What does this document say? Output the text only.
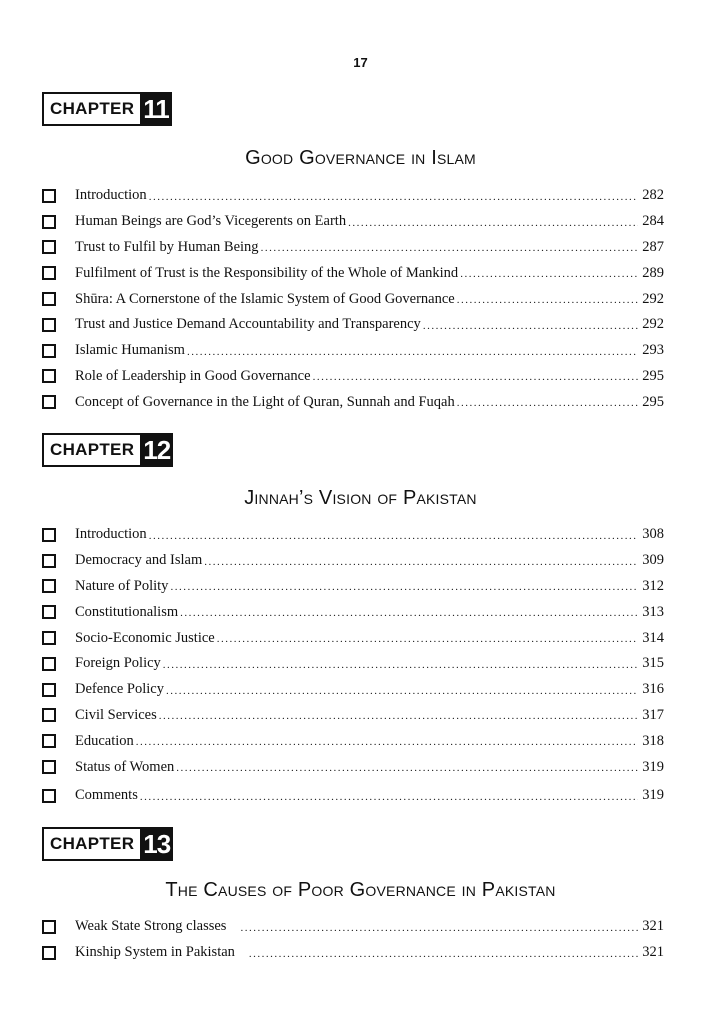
17
CHAPTER 11
Good Governance in Islam
Introduction .....	282
Human Beings are God’s Vicegerents on Earth .....	284
Trust to Fulfil by Human Being .....	287
Fulfilment of Trust is the Responsibility of the Whole of Mankind .....	289
Shūra: A Cornerstone of the Islamic System of Good Governance .....	292
Trust and Justice Demand Accountability and Transparency .....	292
Islamic Humanism .....	293
Role of Leadership in Good Governance .....	295
Concept of Governance in the Light of Quran, Sunnah and Fuqah .....	295
CHAPTER 12
Jinnah’s Vision of Pakistan
Introduction .....	308
Democracy and Islam .....	309
Nature of Polity .....	312
Constitutionalism .....	313
Socio-Economic Justice .....	314
Foreign Policy .....	315
Defence Policy .....	316
Civil Services .....	317
Education .....	318
Status of Women .....	319
Comments .....	319
CHAPTER 13
The Causes of Poor Governance in Pakistan
Weak State Strong classes .....	321
Kinship System in Pakistan .....	321
